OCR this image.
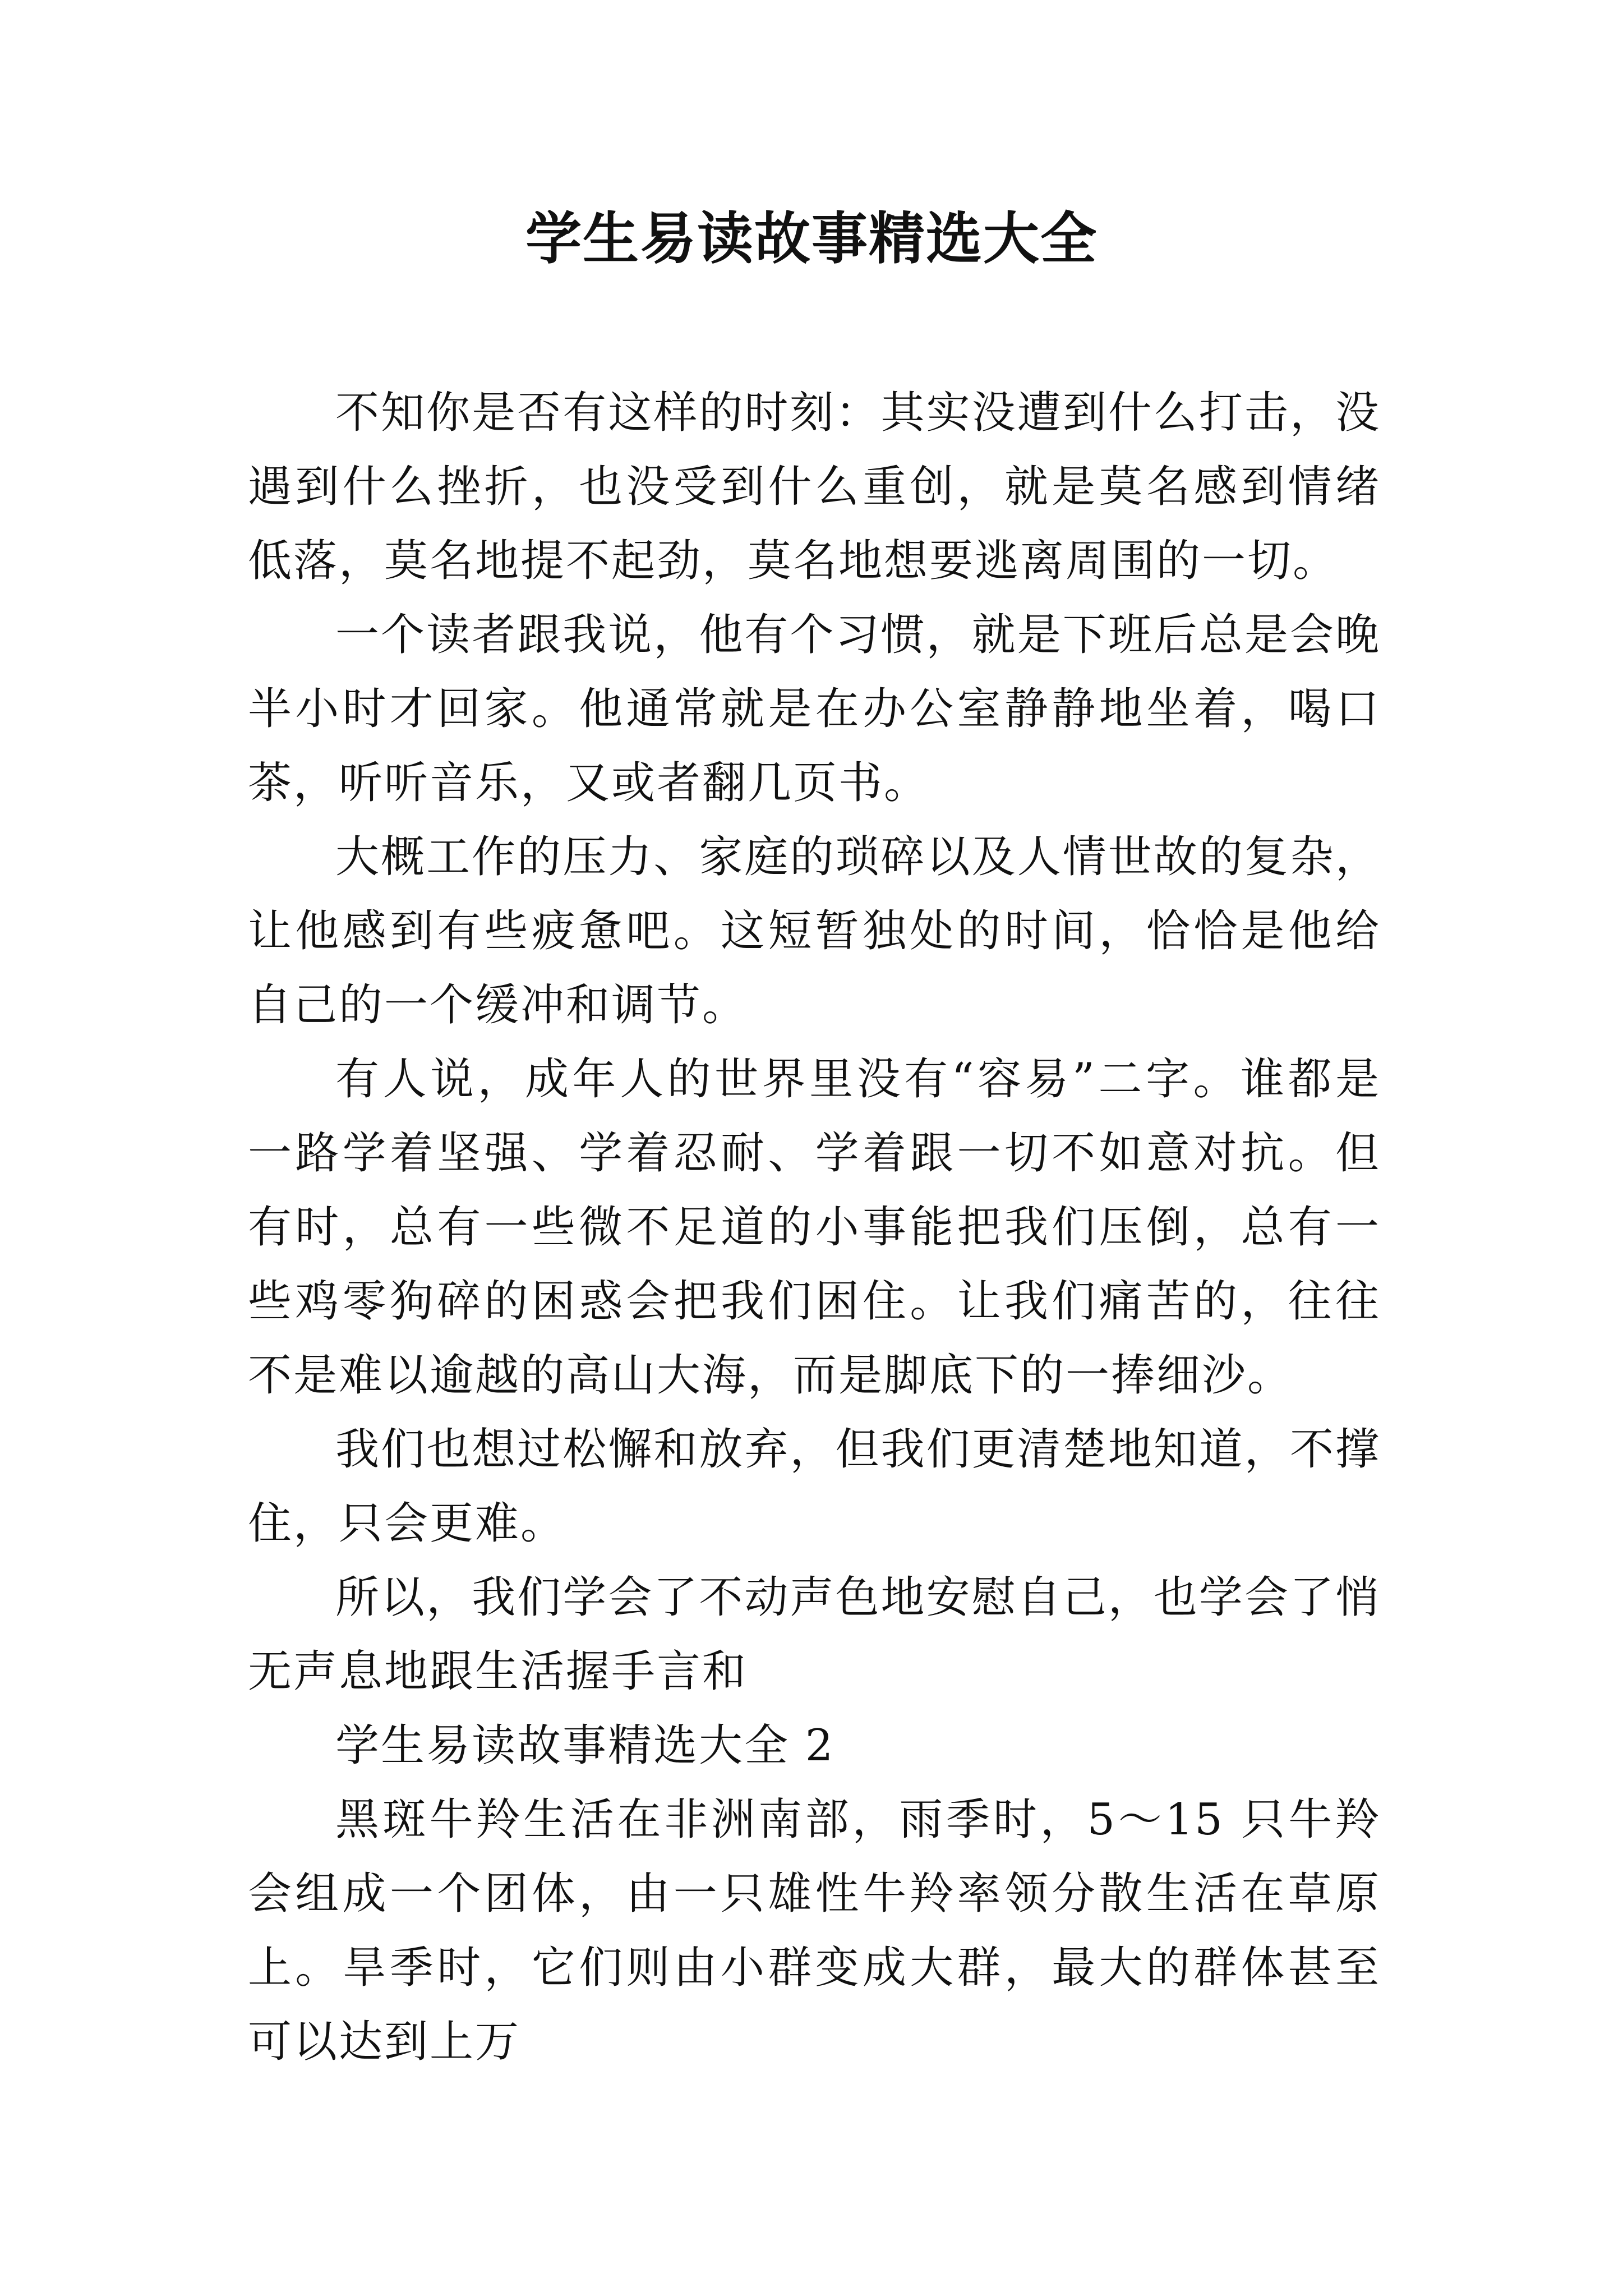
学生易读故事精选大全

不知你是否有这样的时刻：其实没遭到什么打击，没遇到什么挫折，也没受到什么重创，就是莫名感到情绪低落，莫名地提不起劲，莫名地想要逃离周围的一切。

一个读者跟我说，他有个习惯，就是下班后总是会晚半小时才回家。他通常就是在办公室静静地坐着，喝口茶，听听音乐，又或者翻几页书。

大概工作的压力、家庭的琐碎以及人情世故的复杂，让他感到有些疲惫吧。这短暂独处的时间，恰恰是他给自己的一个缓冲和调节。

有人说，成年人的世界里没有“容易”二字。谁都是一路学着坚强、学着忍耐、学着跟一切不如意对抗。但有时，总有一些微不足道的小事能把我们压倒，总有一些鸡零狗碎的困惑会把我们困住。让我们痛苦的，往往不是难以逾越的高山大海，而是脚底下的一捧细沙。

我们也想过松懈和放弃，但我们更清楚地知道，不撑住，只会更难。

所以，我们学会了不动声色地安慰自己，也学会了悄无声息地跟生活握手言和

学生易读故事精选大全 2

黑斑牛羚生活在非洲南部，雨季时，5～15 只牛羚会组成一个团体，由一只雄性牛羚率领分散生活在草原上。旱季时，它们则由小群变成大群，最大的群体甚至可以达到上万
